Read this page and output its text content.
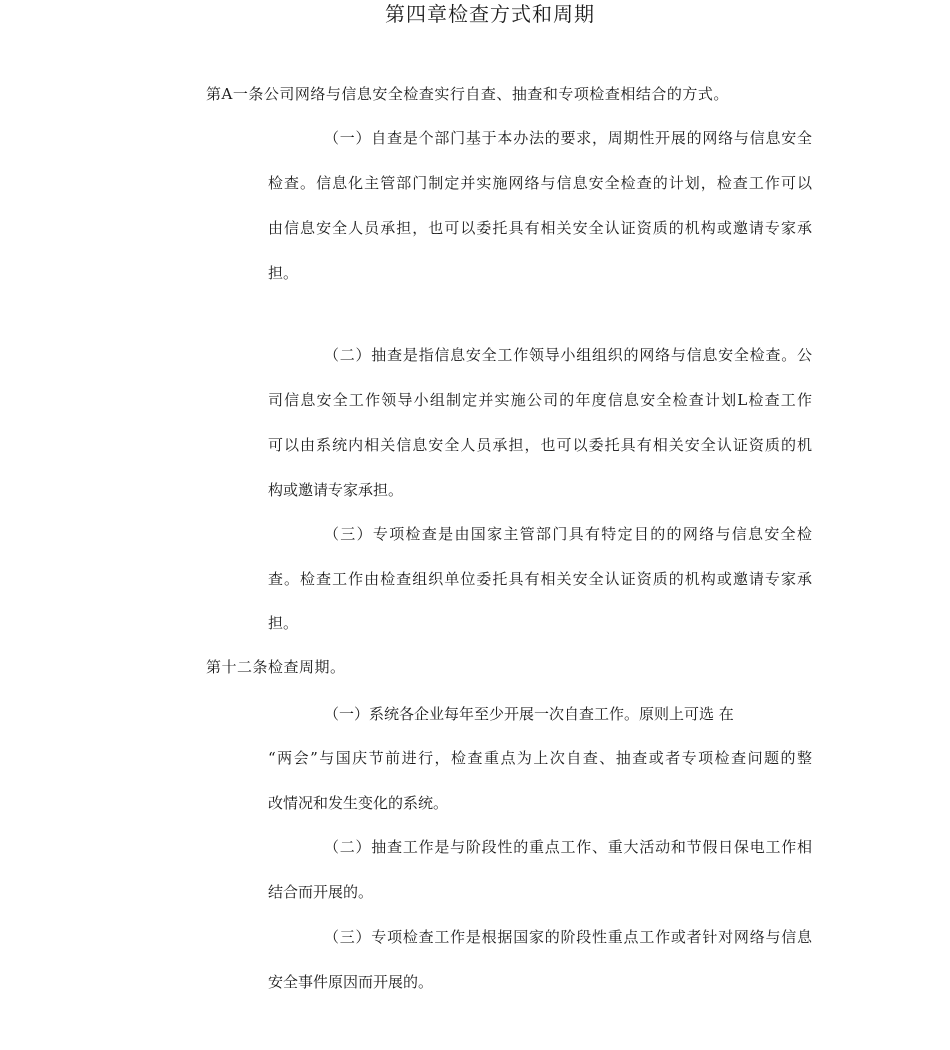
第四章检查方式和周期
第A一条公司网络与信息安全检查实行自查、抽查和专项检查相结合的方式。
（一）自查是个部门基于本办法的要求，周期性开展的网络与信息安全
检查。信息化主管部门制定并实施网络与信息安全检查的计划，检查工作可以
由信息安全人员承担，也可以委托具有相关安全认证资质的机构或邀请专家承
担。
（二）抽查是指信息安全工作领导小组组织的网络与信息安全检查。公
司信息安全工作领导小组制定并实施公司的年度信息安全检查计划L检查工作
可以由系统内相关信息安全人员承担，也可以委托具有相关安全认证资质的机
构或邀请专家承担。
（三）专项检查是由国家主管部门具有特定目的的网络与信息安全检
查。检查工作由检查组织单位委托具有相关安全认证资质的机构或邀请专家承
担。
第十二条检查周期。
（一）系统各企业每年至少开展一次自查工作。原则上可选 在
“两会”与国庆节前进行，检查重点为上次自查、抽查或者专项检查问题的整
改情况和发生变化的系统。
（二）抽查工作是与阶段性的重点工作、重大活动和节假日保电工作相
结合而开展的。
（三）专项检查工作是根据国家的阶段性重点工作或者针对网络与信息
安全事件原因而开展的。
